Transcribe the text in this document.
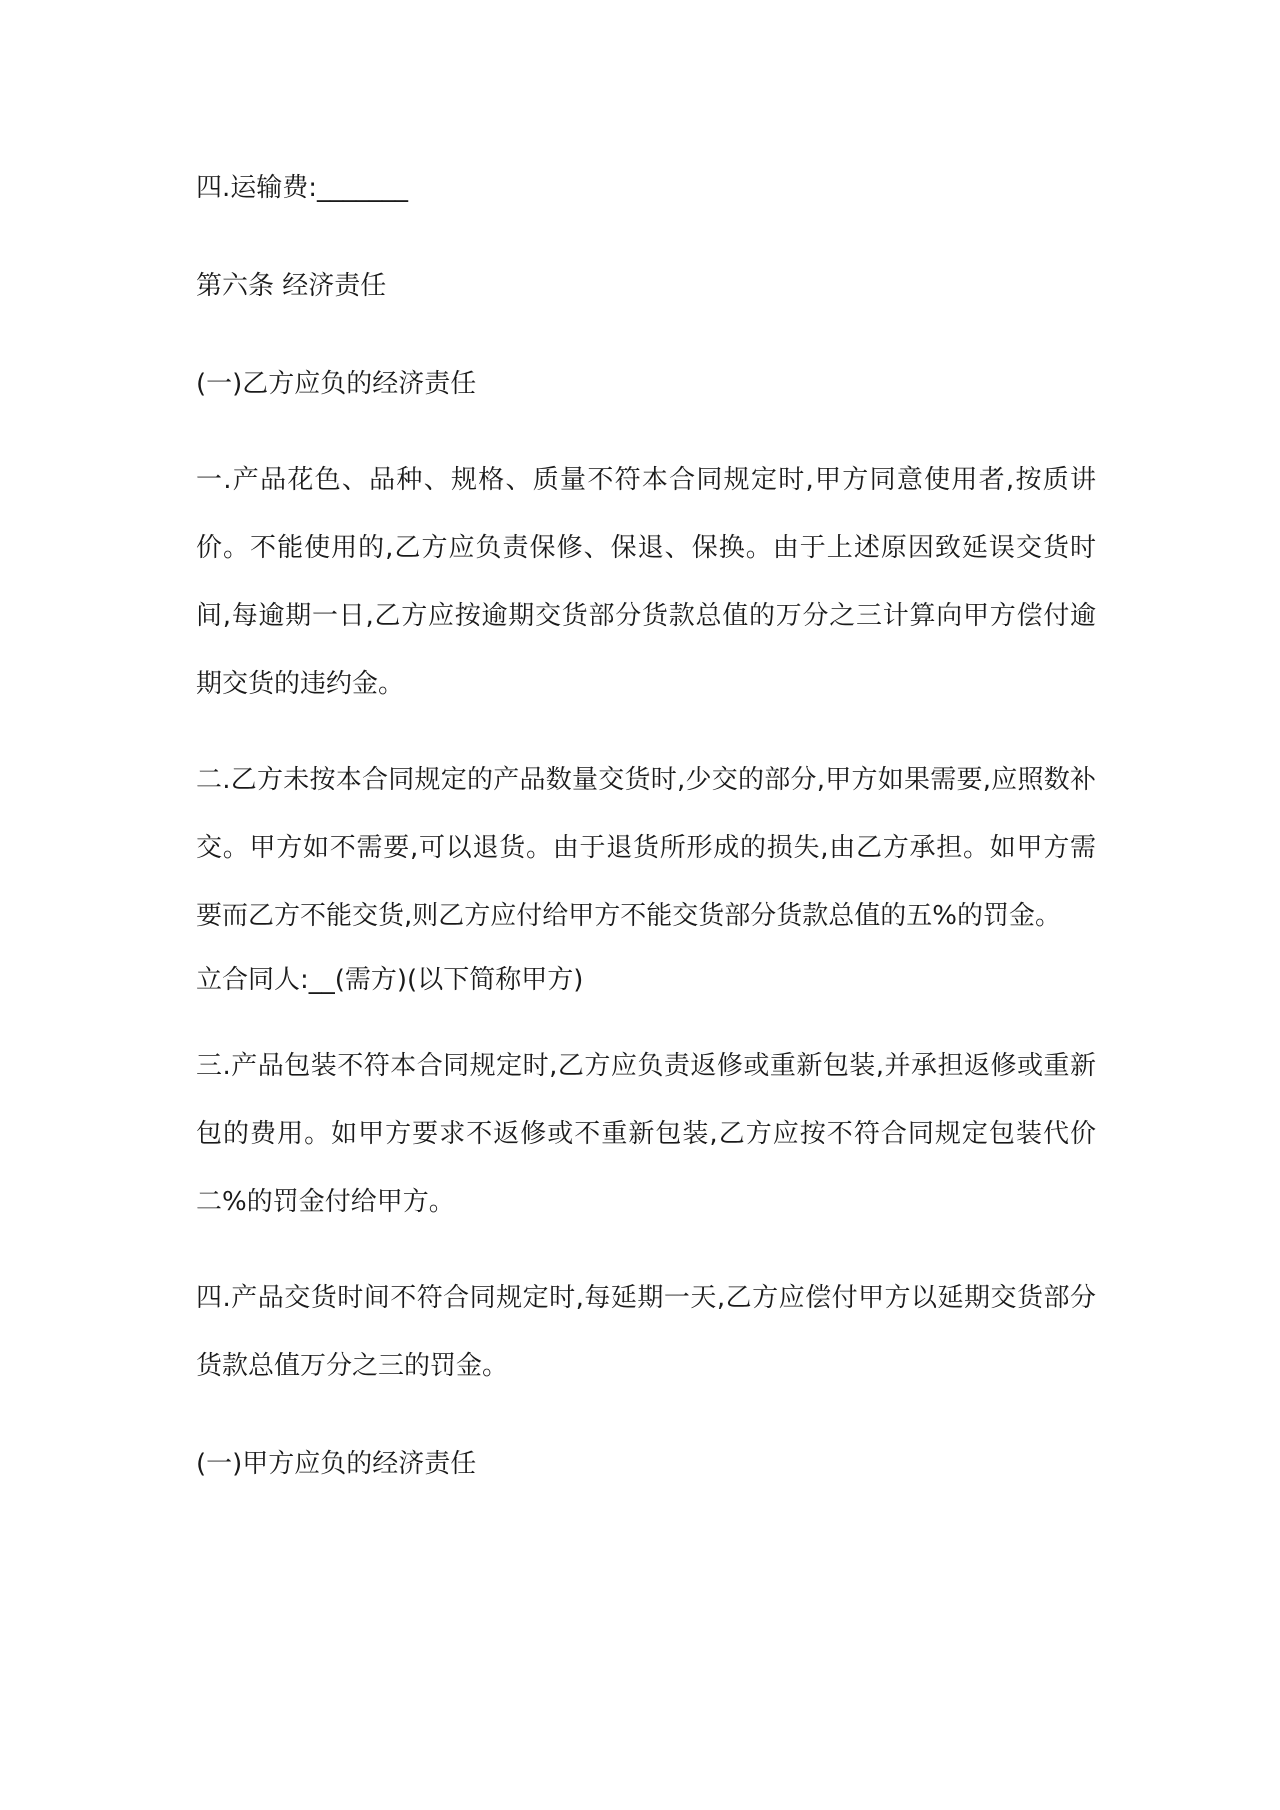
四.运输费:_______

第六条 经济责任

(一)乙方应负的经济责任

一.产品花色、品种、规格、质量不符本合同规定时,甲方同意使用者,按质讲价。不能使用的,乙方应负责保修、保退、保换。由于上述原因致延误交货时间,每逾期一日,乙方应按逾期交货部分货款总值的万分之三计算向甲方偿付逾期交货的违约金。

二.乙方未按本合同规定的产品数量交货时,少交的部分,甲方如果需要,应照数补交。甲方如不需要,可以退货。由于退货所形成的损失,由乙方承担。如甲方需要而乙方不能交货,则乙方应付给甲方不能交货部分货款总值的五%的罚金。

立合同人:__(需方)(以下简称甲方)

三.产品包装不符本合同规定时,乙方应负责返修或重新包装,并承担返修或重新包的费用。如甲方要求不返修或不重新包装,乙方应按不符合同规定包装代价二%的罚金付给甲方。

四.产品交货时间不符合同规定时,每延期一天,乙方应偿付甲方以延期交货部分货款总值万分之三的罚金。

(一)甲方应负的经济责任
